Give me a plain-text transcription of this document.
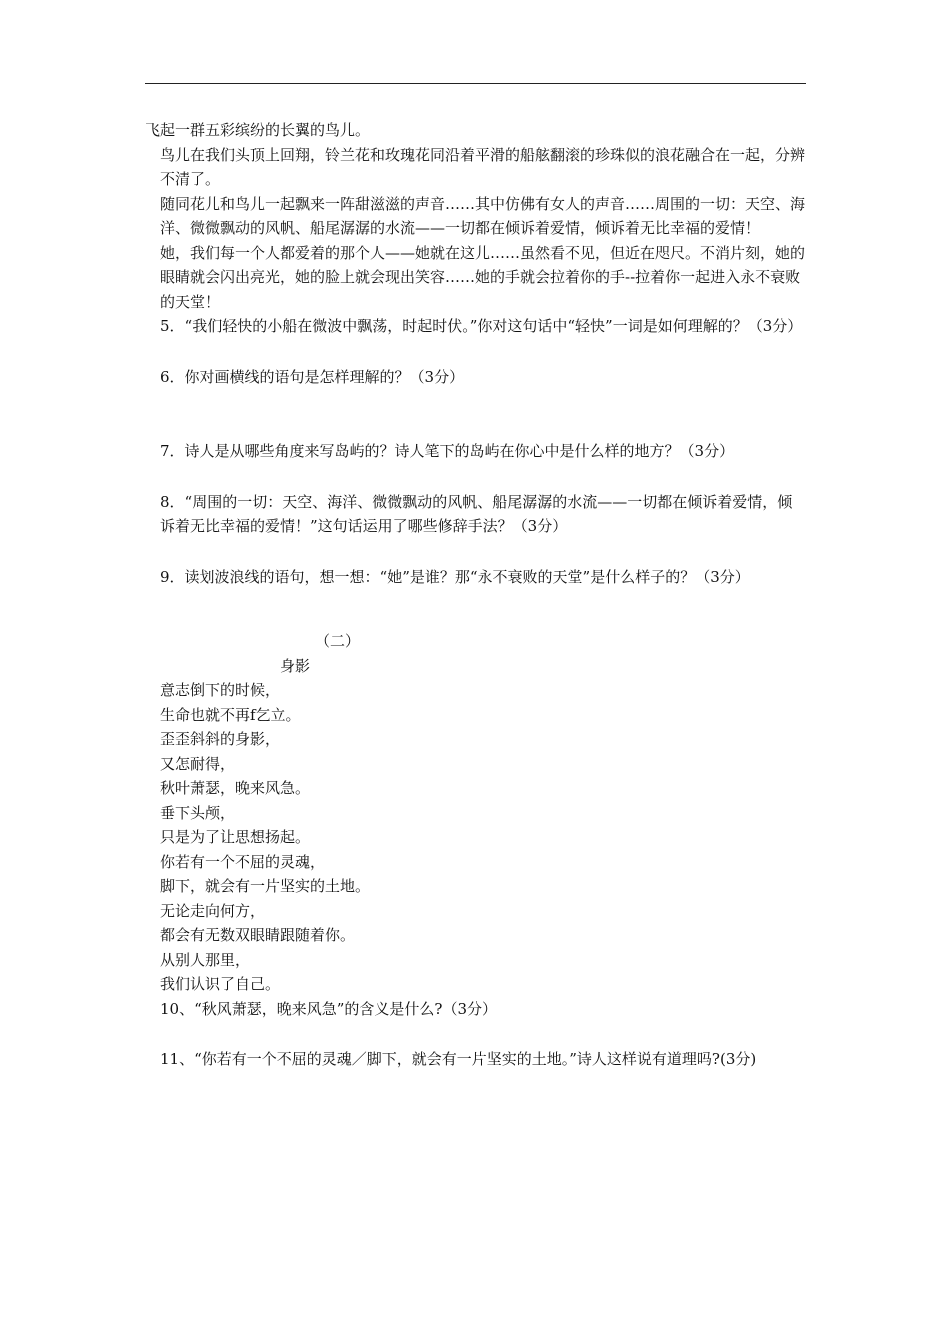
飞起一群五彩缤纷的长翼的鸟儿。

鸟儿在我们头顶上回翔，铃兰花和玫瑰花同沿着平滑的船舷翻滚的珍珠似的浪花融合在一起，分辨不清了。

随同花儿和鸟儿一起飘来一阵甜滋滋的声音……其中仿佛有女人的声音……周围的一切：天空、海洋、微微飘动的风帆、船尾潺潺的水流——一切都在倾诉着爱情，倾诉着无比幸福的爱情！

她，我们每一个人都爱着的那个人——她就在这儿……虽然看不见，但近在咫尺。不消片刻，她的眼睛就会闪出亮光，她的脸上就会现出笑容……她的手就会拉着你的手--拉着你一起进入永不衰败的天堂！

5．“我们轻快的小船在微波中飘荡，时起时伏。”你对这句话中“轻快”一词是如何理解的？（3分）

6．你对画横线的语句是怎样理解的？（3分）

7．诗人是从哪些角度来写岛屿的？诗人笔下的岛屿在你心中是什么样的地方？（3分）

8．“周围的一切：天空、海洋、微微飘动的风帆、船尾潺潺的水流——一切都在倾诉着爱情，倾诉着无比幸福的爱情！”这句话运用了哪些修辞手法？（3分）

9．读划波浪线的语句，想一想：“她”是谁？那“永不衰败的天堂”是什么样子的？（3分）

（二）

身影

意志倒下的时候，

生命也就不再f乞立。

歪歪斜斜的身影，

又怎耐得，

秋叶萧瑟，晚来风急。

垂下头颅，

只是为了让思想扬起。

你若有一个不屈的灵魂，

脚下，就会有一片坚实的土地。

无论走向何方，

都会有无数双眼睛跟随着你。

从别人那里，

我们认识了自己。

10、“秋风萧瑟，晚来风急”的含义是什么?（3分）

11、“你若有一个不屈的灵魂／脚下，就会有一片坚实的土地。”诗人这样说有道理吗?(3分)
